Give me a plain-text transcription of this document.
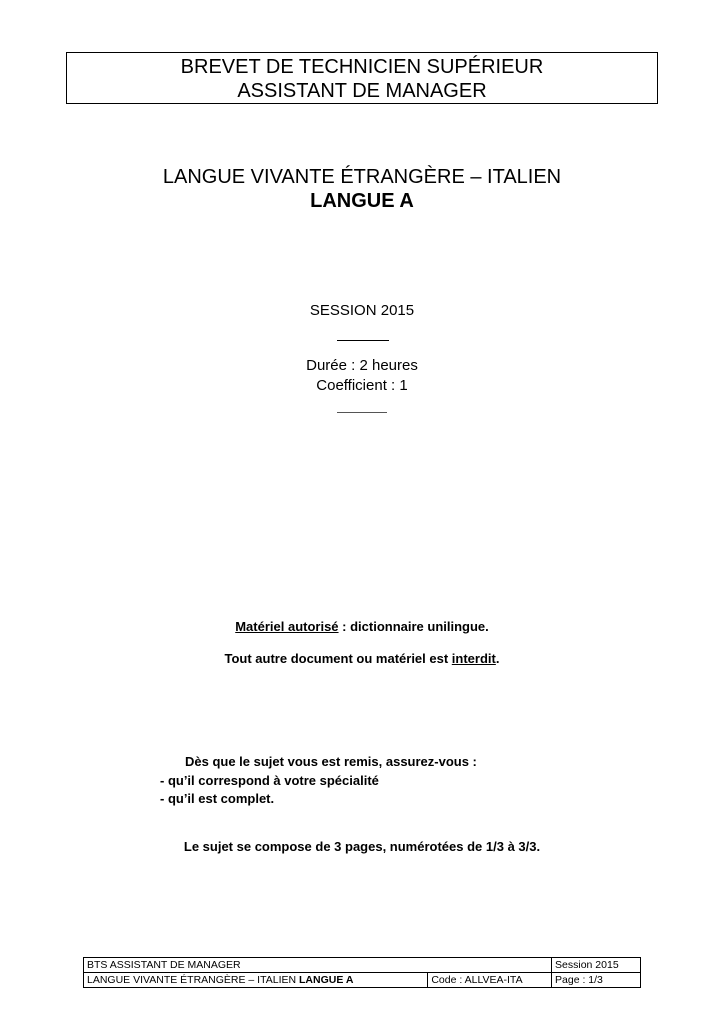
BREVET DE TECHNICIEN SUPÉRIEUR
ASSISTANT DE MANAGER
LANGUE VIVANTE ÉTRANGÈRE – ITALIEN
LANGUE A
SESSION 2015
Durée : 2 heures
Coefficient : 1
Matériel autorisé : dictionnaire unilingue.
Tout autre document ou matériel est interdit.
Dès que le sujet vous est remis, assurez-vous :
- qu’il correspond à votre spécialité
- qu’il est complet.
Le sujet se compose de 3 pages, numérotées de 1/3 à 3/3.
BTS ASSISTANT DE MANAGER		Session 2015
LANGUE VIVANTE ÉTRANGÈRE – ITALIEN LANGUE A	Code : ALLVEA-ITA	Page : 1/3
